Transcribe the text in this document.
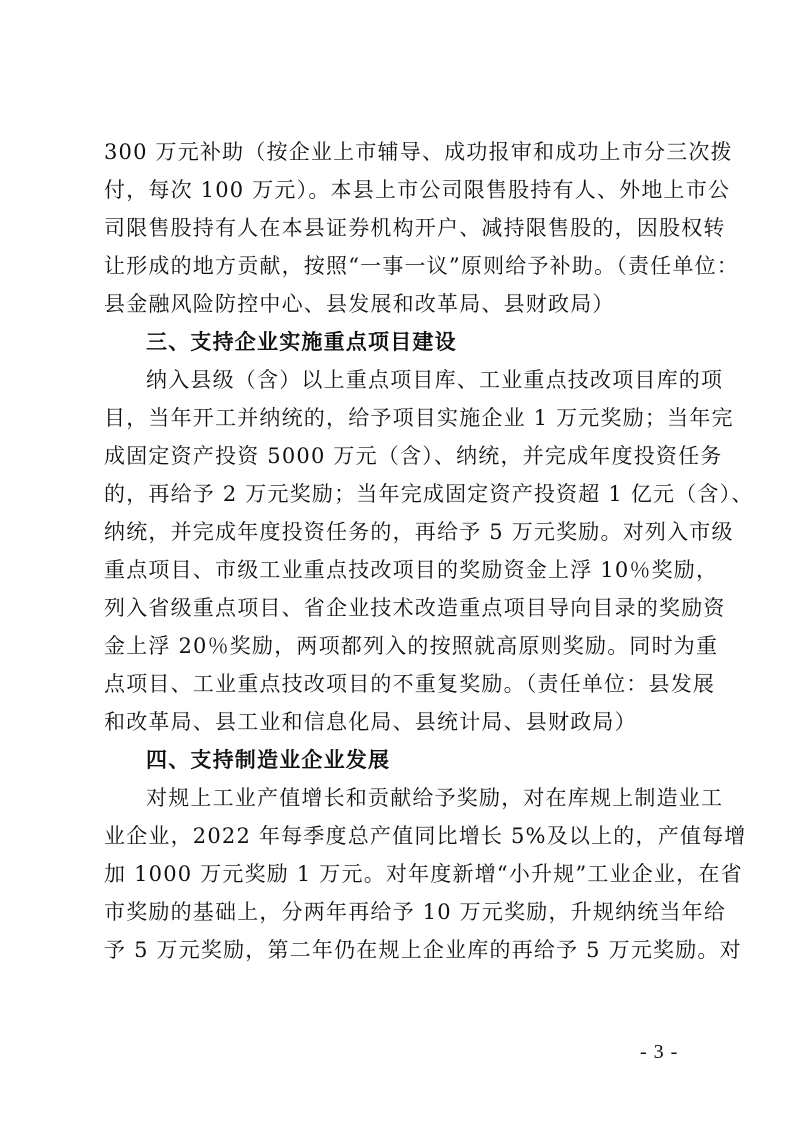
300 万元补助（按企业上市辅导、成功报审和成功上市分三次拨
付，每次 100 万元）。本县上市公司限售股持有人、外地上市公
司限售股持有人在本县证券机构开户、减持限售股的，因股权转
让形成的地方贡献，按照“一事一议”原则给予补助。（责任单位：
县金融风险防控中心、县发展和改革局、县财政局）
三、支持企业实施重点项目建设
纳入县级（含）以上重点项目库、工业重点技改项目库的项
目，当年开工并纳统的，给予项目实施企业 1 万元奖励；当年完
成固定资产投资 5000 万元（含）、纳统，并完成年度投资任务
的，再给予 2 万元奖励；当年完成固定资产投资超 1 亿元（含）、
纳统，并完成年度投资任务的，再给予 5 万元奖励。对列入市级
重点项目、市级工业重点技改项目的奖励资金上浮 10％奖励，
列入省级重点项目、省企业技术改造重点项目导向目录的奖励资
金上浮 20％奖励，两项都列入的按照就高原则奖励。同时为重
点项目、工业重点技改项目的不重复奖励。（责任单位：县发展
和改革局、县工业和信息化局、县统计局、县财政局）
四、支持制造业企业发展
对规上工业产值增长和贡献给予奖励，对在库规上制造业工
业企业，2022 年每季度总产值同比增长 5%及以上的，产值每增
加 1000 万元奖励 1 万元。对年度新增“小升规”工业企业，在省
市奖励的基础上，分两年再给予 10 万元奖励，升规纳统当年给
予 5 万元奖励，第二年仍在规上企业库的再给予 5 万元奖励。对
- 3 -
